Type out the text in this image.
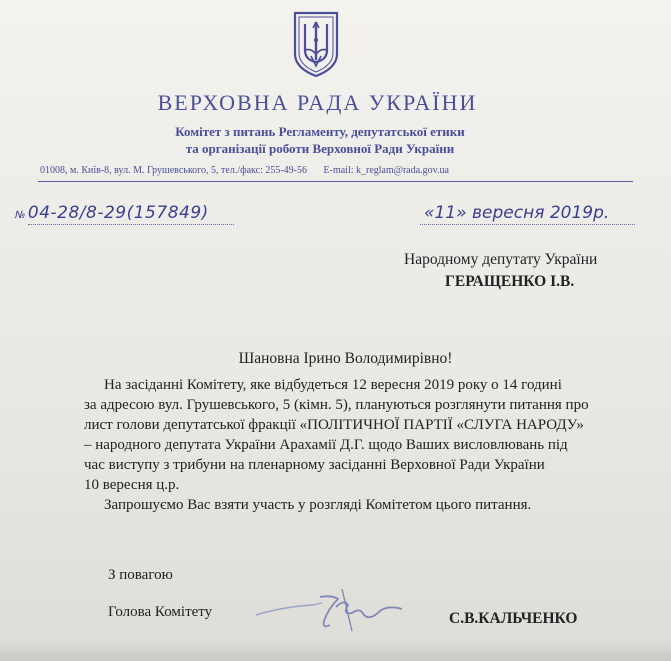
ВЕРХОВНА РАДА УКРАЇНИ
Комітет з питань Регламенту, депутатської етики
та організації роботи Верховної Ради України
01008, м. Київ-8, вул. М. Грушевського, 5, тел./факс: 255-49-56 E-mail: k_reglam@rada.gov.ua
№ 04-28/8-29(157849)	«11» вересня 2019р.
Народному депутату України
ГЕРАЩЕНКО І.В.
Шановна Ірино Володимирівно!
На засіданні Комітету, яке відбудеться 12 вересня 2019 року о 14 годині
за адресою вул. Грушевського, 5 (кімн. 5), плануються розглянути питання про
лист голови депутатської фракції «ПОЛІТИЧНОЇ ПАРТІЇ «СЛУГА НАРОДУ»
– народного депутата України Арахамії Д.Г. щодо Ваших висловлювань під
час виступу з трибуни на пленарному засіданні Верховної Ради України
10 вересня ц.р.
Запрошуємо Вас взяти участь у розгляді Комітетом цього питання.
З повагою
Голова Комітету	С.В.КАЛЬЧЕНКО
